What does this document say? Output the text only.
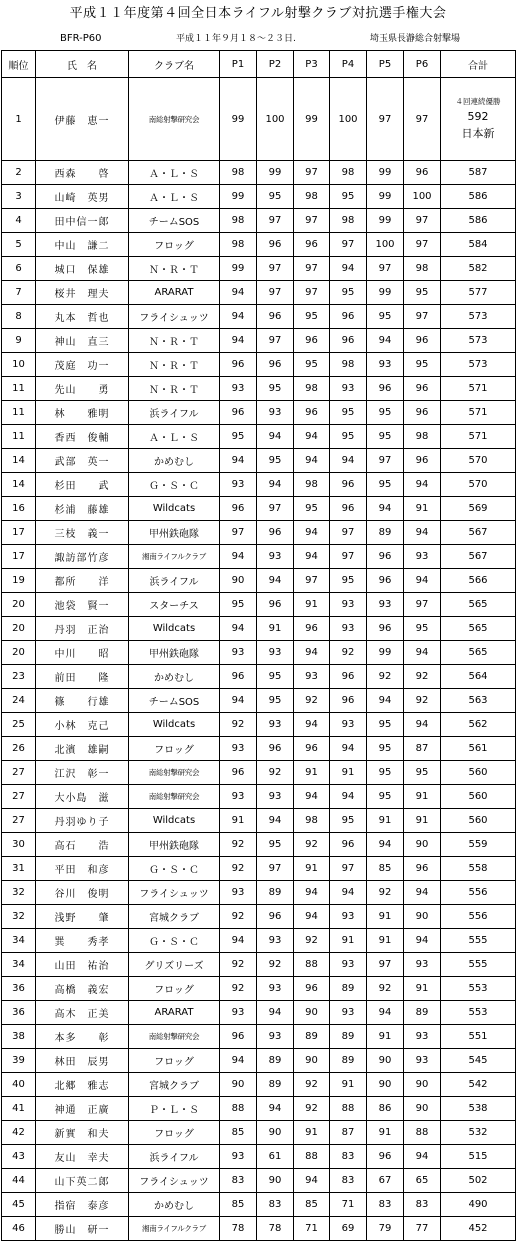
平成１１年度第４回全日本ライフル射撃クラブ対抗選手権大会
BFR-P60	平成１１年９月１８～２３日.	埼玉県長瀞総合射撃場
順位	氏　名	クラブ名	P1	P2	P3	P4	P5	P6	合計
1	伊藤　恵一	南総射撃研究会	99	100	99	100	97	97	４回連続優勝
592
日本新

2	西森　　啓	Ａ・Ｌ・Ｓ	98	99	97	98	99	96	587
3	山崎　英男	Ａ・Ｌ・Ｓ	99	95	98	95	99	100	586
4	田中信一郎	チームSOS	98	97	97	98	99	97	586
5	中山　謙二	フロッグ	98	96	96	97	100	97	584
6	城口　保雄	Ｎ・Ｒ・Ｔ	99	97	97	94	97	98	582
7	桜井　理夫	ARARAT	94	97	97	95	99	95	577
8	丸本　哲也	フライシュッツ	94	96	95	96	95	97	573
9	神山　直三	Ｎ・Ｒ・Ｔ	94	97	96	96	94	96	573
10	茂庭　功一	Ｎ・Ｒ・Ｔ	96	96	95	98	93	95	573
11	先山　　勇	Ｎ・Ｒ・Ｔ	93	95	98	93	96	96	571
11	林　　雅明	浜ライフル	96	93	96	95	95	96	571
11	香西　俊輔	Ａ・Ｌ・Ｓ	95	94	94	95	95	98	571
14	武部　英一	かめむし	94	95	94	94	97	96	570
14	杉田　　武	Ｇ・Ｓ・Ｃ	93	94	98	96	95	94	570
16	杉浦　藤雄	Wildcats	96	97	95	96	94	91	569
17	三枝　義一	甲州鉄砲隊	97	96	94	97	89	94	567
17	諏訪部竹彦	湘南ライフルクラブ	94	93	94	97	96	93	567
19	都所　　洋	浜ライフル	90	94	97	95	96	94	566
20	池袋　賢一	スターチス	95	96	91	93	93	97	565
20	丹羽　正治	Wildcats	94	91	96	93	96	95	565
20	中川　　昭	甲州鉄砲隊	93	93	94	92	99	94	565
23	前田　　隆	かめむし	96	95	93	96	92	92	564
24	篠　　行雄	チームSOS	94	95	92	96	94	92	563
25	小林　克己	Wildcats	92	93	94	93	95	94	562
26	北濱　雄嗣	フロッグ	93	96	96	94	95	87	561
27	江沢　彰一	南総射撃研究会	96	92	91	91	95	95	560
27	大小島　滋	南総射撃研究会	93	93	94	94	95	91	560
27	丹羽ゆり子	Wildcats	91	94	98	95	91	91	560
30	高石　　浩	甲州鉄砲隊	92	95	92	96	94	90	559
31	平田　和彦	Ｇ・Ｓ・Ｃ	92	97	91	97	85	96	558
32	谷川　俊明	フライシュッツ	93	89	94	94	92	94	556
32	浅野　　肇	宮城クラブ	92	96	94	93	91	90	556
34	巽　　秀孝	Ｇ・Ｓ・Ｃ	94	93	92	91	91	94	555
34	山田　祐治	グリズリーズ	92	92	88	93	97	93	555
36	高橋　義宏	フロッグ	92	93	96	89	92	91	553
36	高木　正美	ARARAT	93	94	90	93	94	89	553
38	本多　　彰	南総射撃研究会	96	93	89	89	91	93	551
39	林田　辰男	フロッグ	94	89	90	89	90	93	545
40	北郷　雅志	宮城クラブ	90	89	92	91	90	90	542
41	神通　正廣	Ｐ・Ｌ・Ｓ	88	94	92	88	86	90	538
42	新實　和夫	フロッグ	85	90	91	87	91	88	532
43	友山　幸夫	浜ライフル	93	61	88	83	96	94	515
44	山下英二郎	フライシュッツ	83	90	94	83	67	65	502
45	指宿　泰彦	かめむし	85	83	85	71	83	83	490
46	勝山　研一	湘南ライフルクラブ	78	78	71	69	79	77	452
